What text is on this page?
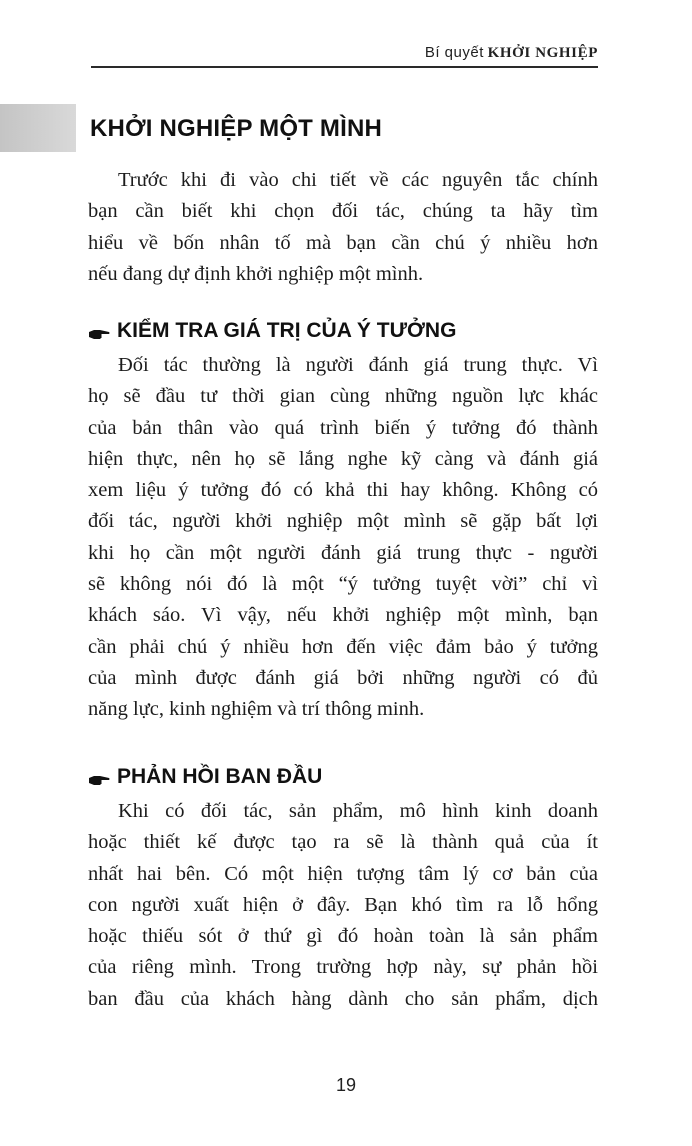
Bí quyết KHỞI NGHIỆP
KHỞI NGHIỆP MỘT MÌNH

Trước khi đi vào chi tiết về các nguyên tắc chính
bạn cần biết khi chọn đối tác, chúng ta hãy tìm
hiểu về bốn nhân tố mà bạn cần chú ý nhiều hơn
nếu đang dự định khởi nghiệp một mình.

KIỂM TRA GIÁ TRỊ CỦA Ý TƯỞNG

Đối tác thường là người đánh giá trung thực. Vì
họ sẽ đầu tư thời gian cùng những nguồn lực khác
của bản thân vào quá trình biến ý tưởng đó thành
hiện thực, nên họ sẽ lắng nghe kỹ càng và đánh giá
xem liệu ý tưởng đó có khả thi hay không. Không có
đối tác, người khởi nghiệp một mình sẽ gặp bất lợi
khi họ cần một người đánh giá trung thực - người
sẽ không nói đó là một “ý tưởng tuyệt vời” chỉ vì
khách sáo. Vì vậy, nếu khởi nghiệp một mình, bạn
cần phải chú ý nhiều hơn đến việc đảm bảo ý tưởng
của mình được đánh giá bởi những người có đủ
năng lực, kinh nghiệm và trí thông minh.

PHẢN HỒI BAN ĐẦU

Khi có đối tác, sản phẩm, mô hình kinh doanh
hoặc thiết kế được tạo ra sẽ là thành quả của ít
nhất hai bên. Có một hiện tượng tâm lý cơ bản của
con người xuất hiện ở đây. Bạn khó tìm ra lỗ hổng
hoặc thiếu sót ở thứ gì đó hoàn toàn là sản phẩm
của riêng mình. Trong trường hợp này, sự phản hồi
ban đầu của khách hàng dành cho sản phẩm, dịch

19
